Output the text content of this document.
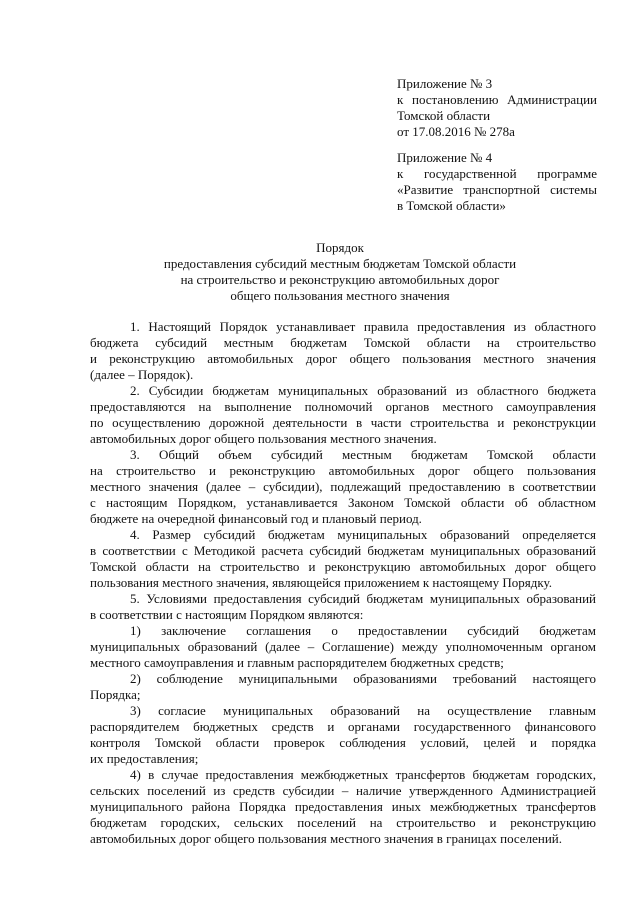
Приложение № 3
к постановлению Администрации
Томской области
от 17.08.2016 № 278а
Приложение № 4
к государственной программе
«Развитие транспортной системы
в Томской области»
Порядок
предоставления субсидий местным бюджетам Томской области
на строительство и реконструкцию автомобильных дорог
общего пользования местного значения
1. Настоящий Порядок устанавливает правила предоставления из областного
бюджета субсидий местным бюджетам Томской области на строительство
и реконструкцию автомобильных дорог общего пользования местного значения
(далее – Порядок).
2. Субсидии бюджетам муниципальных образований из областного бюджета
предоставляются на выполнение полномочий органов местного самоуправления
по осуществлению дорожной деятельности в части строительства и реконструкции
автомобильных дорог общего пользования местного значения.
3. Общий объем субсидий местным бюджетам Томской области
на строительство и реконструкцию автомобильных дорог общего пользования
местного значения (далее – субсидии), подлежащий предоставлению в соответствии
с настоящим Порядком, устанавливается Законом Томской области об областном
бюджете на очередной финансовый год и плановый период.
4. Размер субсидий бюджетам муниципальных образований определяется
в соответствии с Методикой расчета субсидий бюджетам муниципальных образований
Томской области на строительство и реконструкцию автомобильных дорог общего
пользования местного значения, являющейся приложением к настоящему Порядку.
5. Условиями предоставления субсидий бюджетам муниципальных образований
в соответствии с настоящим Порядком являются:
1) заключение соглашения о предоставлении субсидий бюджетам
муниципальных образований (далее – Соглашение) между уполномоченным органом
местного самоуправления и главным распорядителем бюджетных средств;
2) соблюдение муниципальными образованиями требований настоящего
Порядка;
3) согласие муниципальных образований на осуществление главным
распорядителем бюджетных средств и органами государственного финансового
контроля Томской области проверок соблюдения условий, целей и порядка
их предоставления;
4) в случае предоставления межбюджетных трансфертов бюджетам городских,
сельских поселений из средств субсидии – наличие утвержденного Администрацией
муниципального района Порядка предоставления иных межбюджетных трансфертов
бюджетам городских, сельских поселений на строительство и реконструкцию
автомобильных дорог общего пользования местного значения в границах поселений.
